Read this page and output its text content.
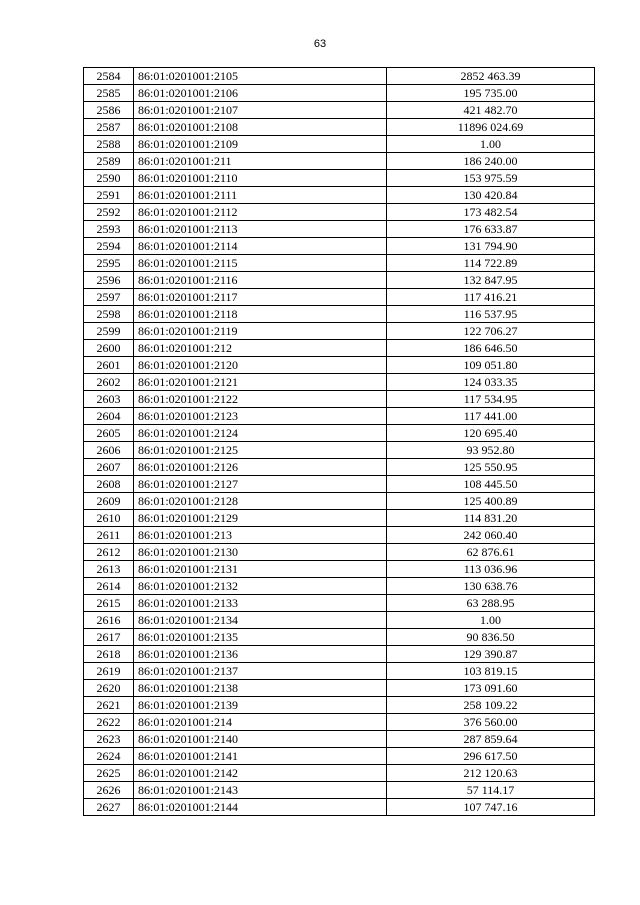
63
2584	86:01:0201001:2105	2852 463.39
2585	86:01:0201001:2106	195 735.00
2586	86:01:0201001:2107	421 482.70
2587	86:01:0201001:2108	11896 024.69
2588	86:01:0201001:2109	1.00
2589	86:01:0201001:211	186 240.00
2590	86:01:0201001:2110	153 975.59
2591	86:01:0201001:2111	130 420.84
2592	86:01:0201001:2112	173 482.54
2593	86:01:0201001:2113	176 633.87
2594	86:01:0201001:2114	131 794.90
2595	86:01:0201001:2115	114 722.89
2596	86:01:0201001:2116	132 847.95
2597	86:01:0201001:2117	117 416.21
2598	86:01:0201001:2118	116 537.95
2599	86:01:0201001:2119	122 706.27
2600	86:01:0201001:212	186 646.50
2601	86:01:0201001:2120	109 051.80
2602	86:01:0201001:2121	124 033.35
2603	86:01:0201001:2122	117 534.95
2604	86:01:0201001:2123	117 441.00
2605	86:01:0201001:2124	120 695.40
2606	86:01:0201001:2125	93 952.80
2607	86:01:0201001:2126	125 550.95
2608	86:01:0201001:2127	108 445.50
2609	86:01:0201001:2128	125 400.89
2610	86:01:0201001:2129	114 831.20
2611	86:01:0201001:213	242 060.40
2612	86:01:0201001:2130	62 876.61
2613	86:01:0201001:2131	113 036.96
2614	86:01:0201001:2132	130 638.76
2615	86:01:0201001:2133	63 288.95
2616	86:01:0201001:2134	1.00
2617	86:01:0201001:2135	90 836.50
2618	86:01:0201001:2136	129 390.87
2619	86:01:0201001:2137	103 819.15
2620	86:01:0201001:2138	173 091.60
2621	86:01:0201001:2139	258 109.22
2622	86:01:0201001:214	376 560.00
2623	86:01:0201001:2140	287 859.64
2624	86:01:0201001:2141	296 617.50
2625	86:01:0201001:2142	212 120.63
2626	86:01:0201001:2143	57 114.17
2627	86:01:0201001:2144	107 747.16
